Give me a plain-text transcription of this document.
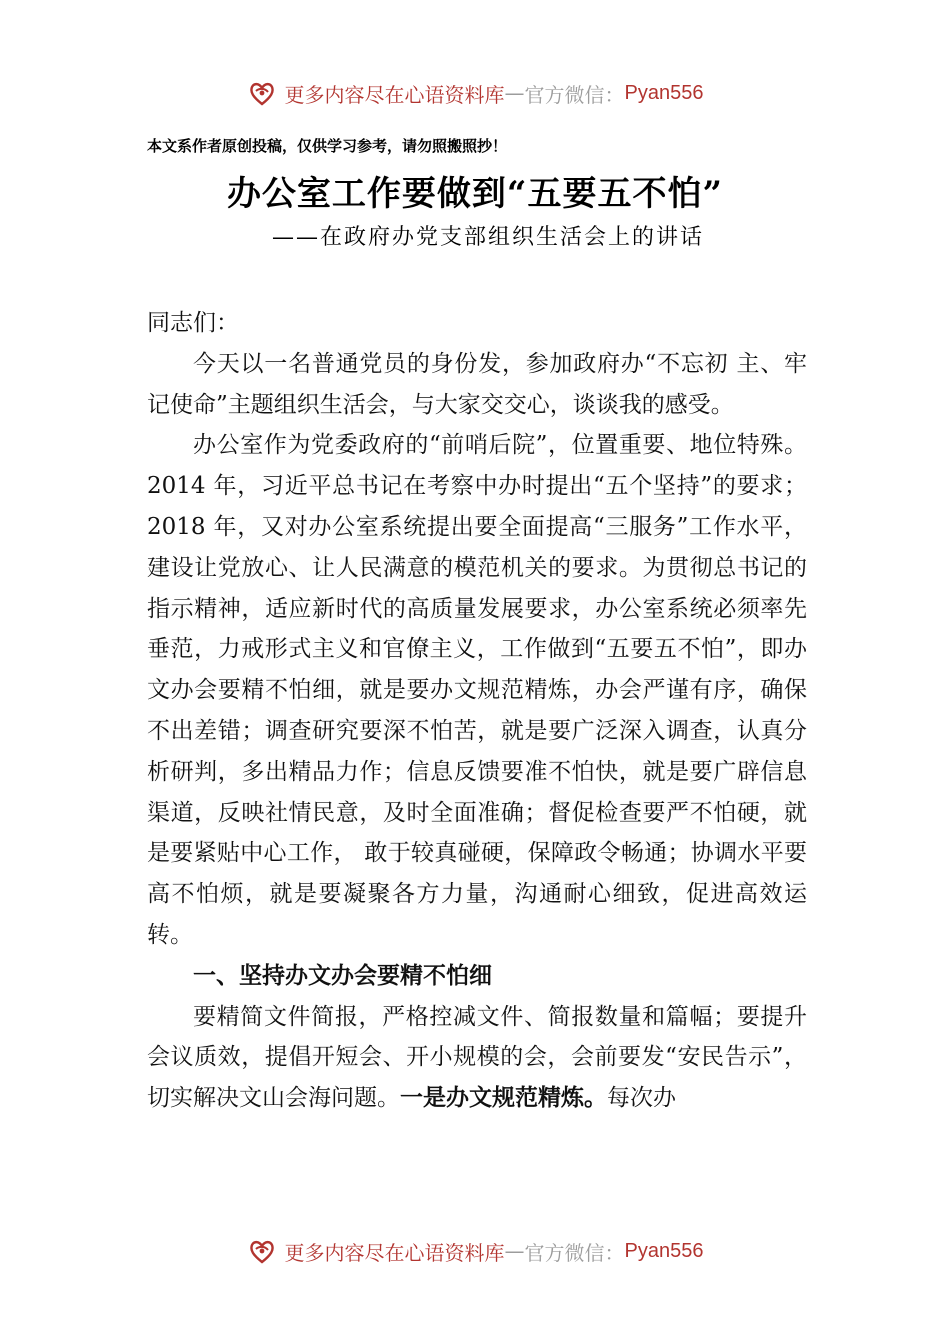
更多内容尽在心语资料库 — 官方微信： Pyan556
本文系作者原创投稿，仅供学习参考，请勿照搬照抄！
办公室工作要做到“五要五不怕”
——在政府办党支部组织生活会上的讲话

同志们：

今天以一名普通党员的身份发，参加政府办“不忘初 主、牢记使命”主题组织生活会，与大家交交心，谈谈我的感受。

办公室作为党委政府的“前哨后院”，位置重要、地位特殊。2014 年，习近平总书记在考察中办时提出“五个坚持”的要求；2018 年，又对办公室系统提出要全面提高“三服务”工作水平，建设让党放心、让人民满意的模范机关的要求。为贯彻总书记的指示精神，适应新时代的高质量发展要求，办公室系统必须率先垂范，力戒形式主义和官僚主义，工作做到“五要五不怕”，即办文办会要精不怕细，就是要办文规范精炼，办会严谨有序，确保不出差错；调查研究要深不怕苦，就是要广泛深入调查，认真分析研判，多出精品力作；信息反馈要准不怕快，就是要广辟信息渠道，反映社情民意，及时全面准确；督促检查要严不怕硬，就是要紧贴中心工作， 敢于较真碰硬，保障政令畅通；协调水平要高不怕烦，就是要凝聚各方力量，沟通耐心细致，促进高效运转。

一、坚持办文办会要精不怕细

要精简文件简报，严格控减文件、简报数量和篇幅；要提升会议质效，提倡开短会、开小规模的会，会前要发“安民告示”，切实解决文山会海问题。一是办文规范精炼。每次办

更多内容尽在心语资料库 — 官方微信： Pyan556
